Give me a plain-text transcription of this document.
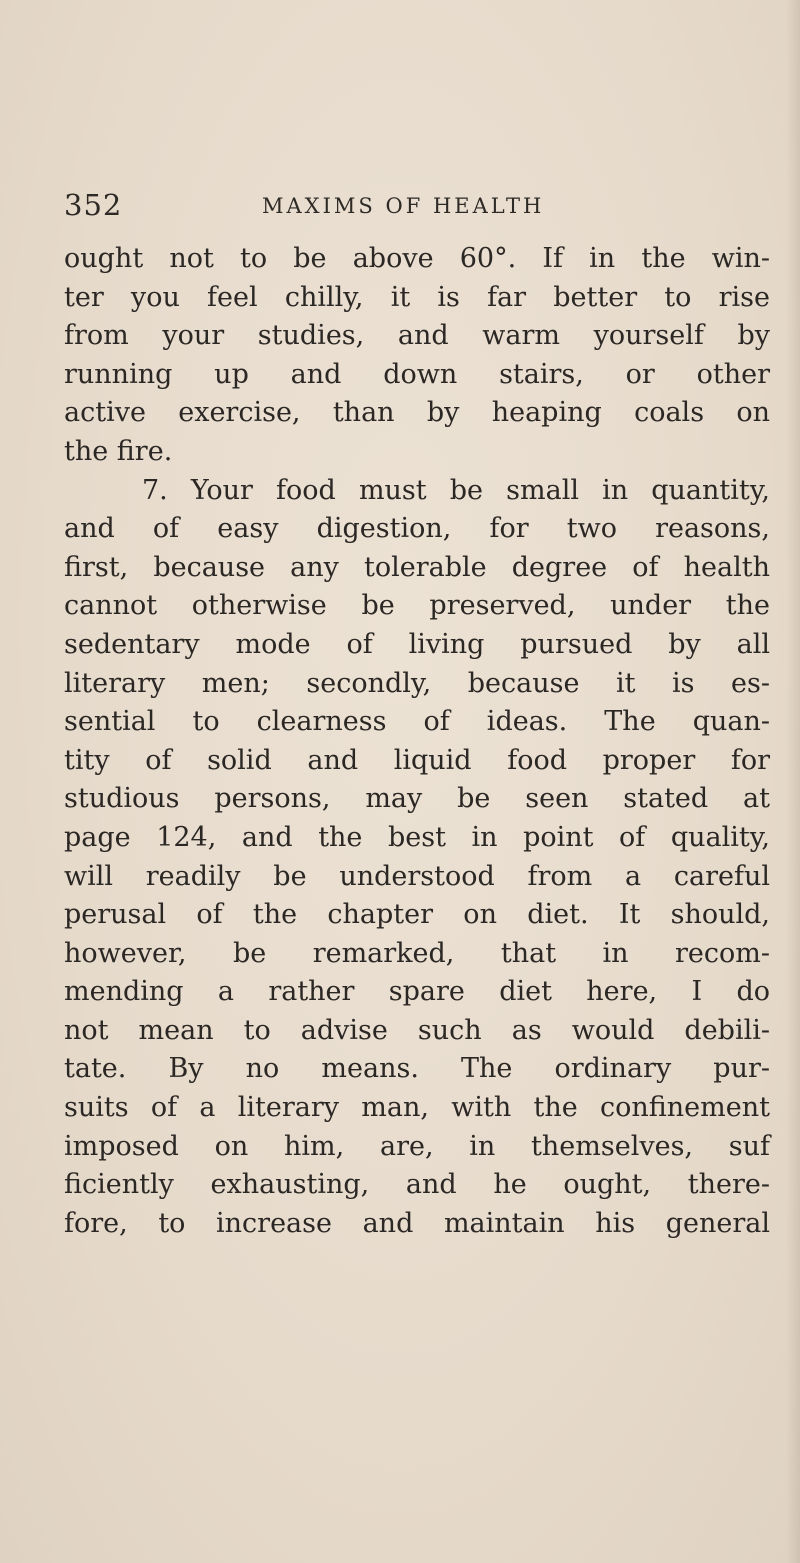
352	MAXIMS OF HEALTH
ought not to be above 60°. If in the win-
ter you feel chilly, it is far better to rise
from your studies, and warm yourself by
running up and down stairs, or other
active exercise, than by heaping coals on
the fire.
7. Your food must be small in quantity,
and of easy digestion, for two reasons,
first, because any tolerable degree of health
cannot otherwise be preserved, under the
sedentary mode of living pursued by all
literary men; secondly, because it is es-
sential to clearness of ideas. The quan-
tity of solid and liquid food proper for
studious persons, may be seen stated at
page 124, and the best in point of quality,
will readily be understood from a careful
perusal of the chapter on diet. It should,
however, be remarked, that in recom-
mending a rather spare diet here, I do
not mean to advise such as would debili-
tate. By no means. The ordinary pur-
suits of a literary man, with the confinement
imposed on him, are, in themselves, suf
ficiently exhausting, and he ought, there-
fore, to increase and maintain his general
